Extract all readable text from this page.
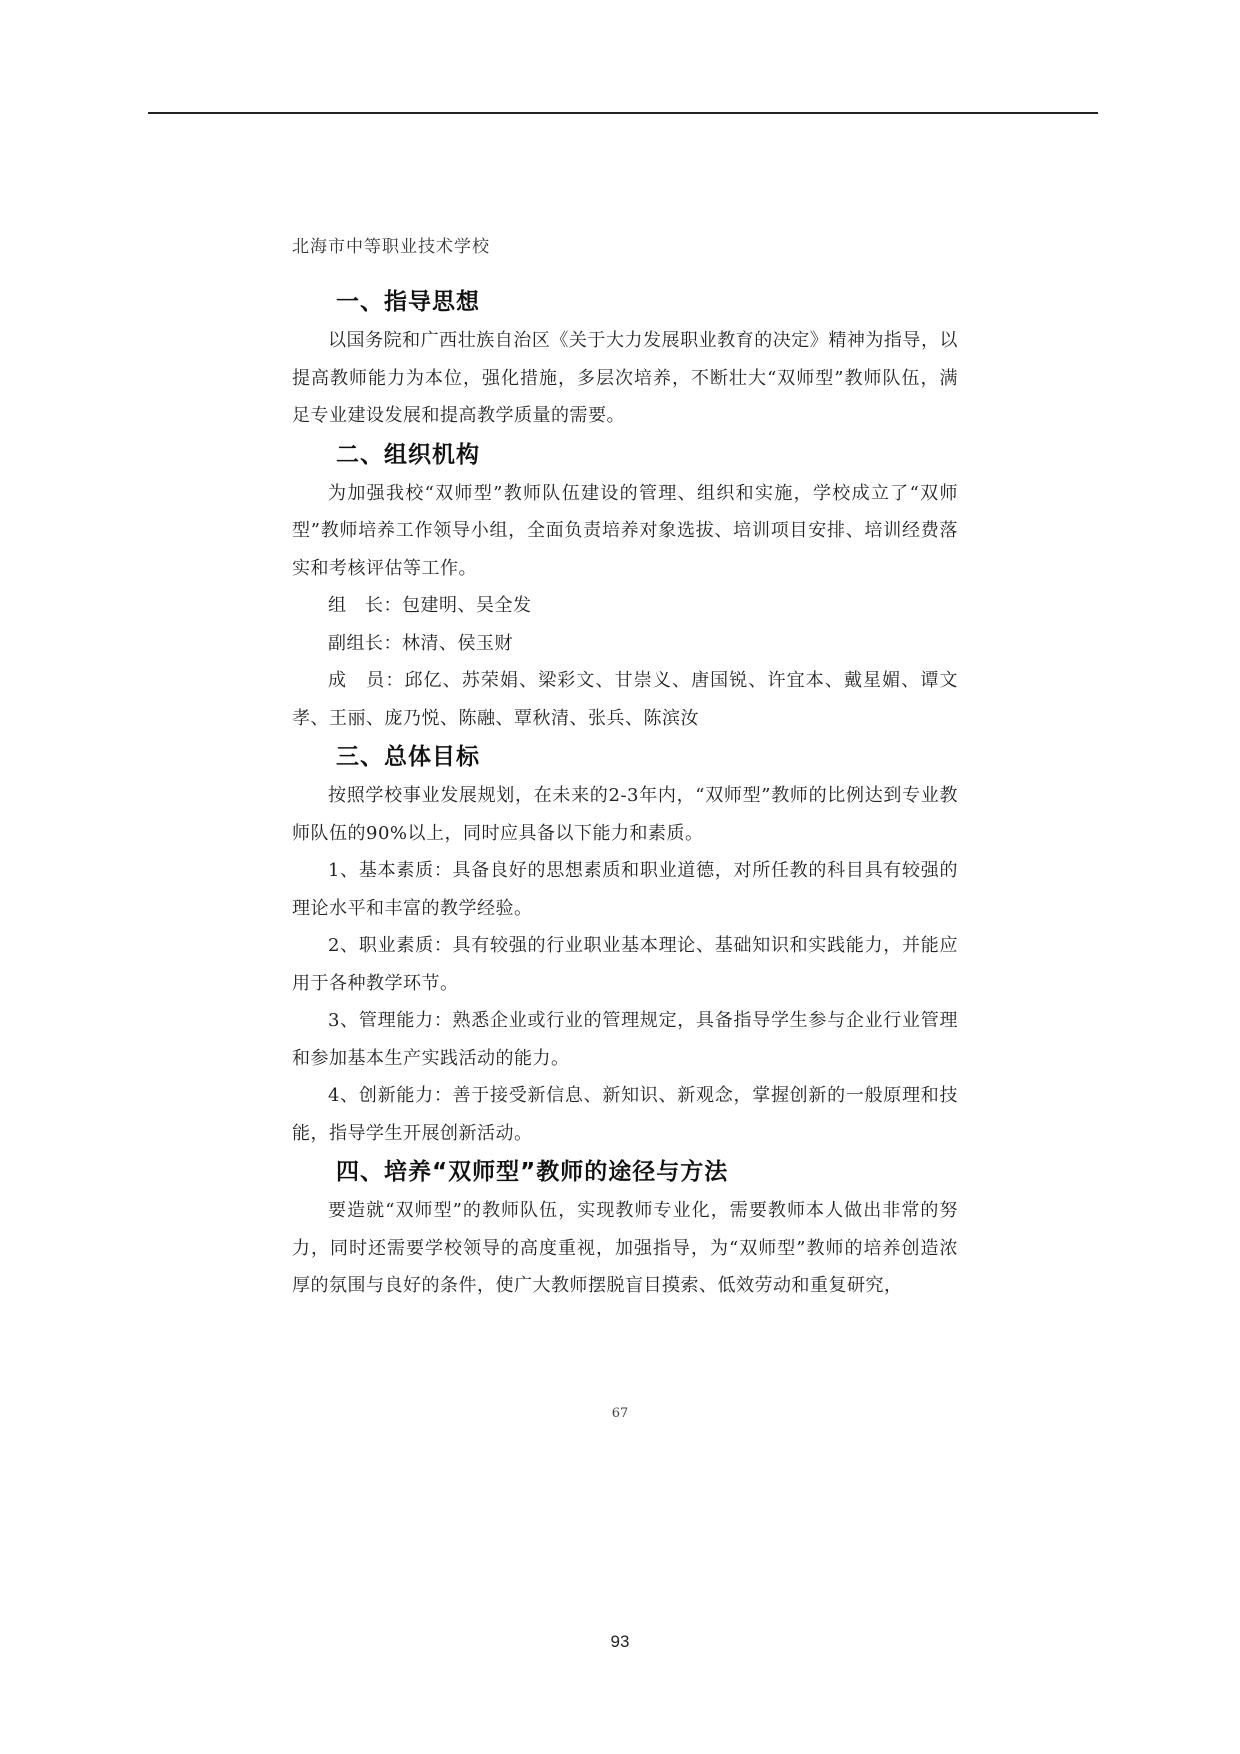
北海市中等职业技术学校
一、指导思想

以国务院和广西壮族自治区《关于大力发展职业教育的决定》精神为指导，以提高教师能力为本位，强化措施，多层次培养，不断壮大“双师型”教师队伍，满足专业建设发展和提高教学质量的需要。

二、组织机构

为加强我校“双师型”教师队伍建设的管理、组织和实施，学校成立了“双师型”教师培养工作领导小组，全面负责培养对象选拔、培训项目安排、培训经费落实和考核评估等工作。

组　长：包建明、吴全发

副组长：林清、侯玉财

成　员：邱亿、苏荣娟、梁彩文、甘崇义、唐国锐、许宜本、戴星媚、谭文孝、王丽、庞乃悦、陈融、覃秋清、张兵、陈滨汝

三、总体目标

按照学校事业发展规划，在未来的2-3年内，“双师型”教师的比例达到专业教师队伍的90%以上，同时应具备以下能力和素质。

1、基本素质：具备良好的思想素质和职业道德，对所任教的科目具有较强的理论水平和丰富的教学经验。

2、职业素质：具有较强的行业职业基本理论、基础知识和实践能力，并能应用于各种教学环节。

3、管理能力：熟悉企业或行业的管理规定，具备指导学生参与企业行业管理和参加基本生产实践活动的能力。

4、创新能力：善于接受新信息、新知识、新观念，掌握创新的一般原理和技能，指导学生开展创新活动。

四、培养“双师型”教师的途径与方法

要造就“双师型”的教师队伍，实现教师专业化，需要教师本人做出非常的努力，同时还需要学校领导的高度重视，加强指导，为“双师型”教师的培养创造浓厚的氛围与良好的条件，使广大教师摆脱盲目摸索、低效劳动和重复研究，

67
93
